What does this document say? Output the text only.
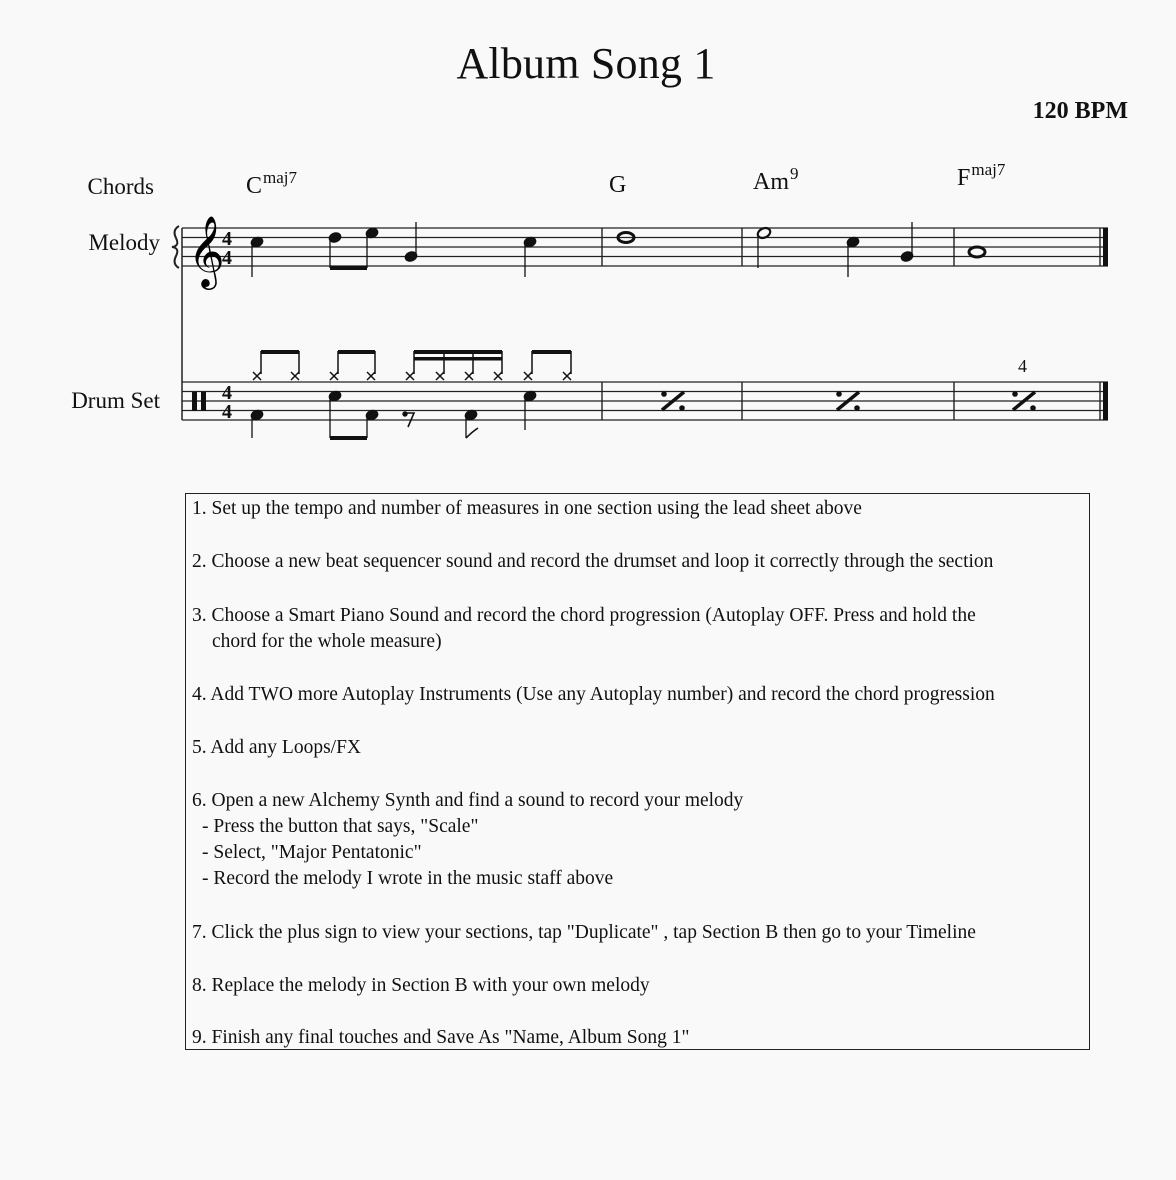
Album Song 1
120 BPM
Chords
Melody
Drum Set
$C^{maj7}$	G	Am$^9$	$F^{maj7}$
𝄞
4
4
4
4
4
1. Set up the tempo and number of measures in one section using the lead sheet above
2. Choose a new beat sequencer sound and record the drumset and loop it correctly through the section
3. Choose a Smart Piano Sound and record the chord progression (Autoplay OFF. Press and hold the
chord for the whole measure)
4. Add TWO more Autoplay Instruments (Use any Autoplay number) and record the chord progression
5. Add any Loops/FX
6. Open a new Alchemy Synth and find a sound to record your melody
- Press the button that says, "Scale"
- Select, "Major Pentatonic"
- Record the melody I wrote in the music staff above
7. Click the plus sign to view your sections, tap "Duplicate" , tap Section B then go to your Timeline
8. Replace the melody in Section B with your own melody
9. Finish any final touches and Save As "Name, Album Song 1"
